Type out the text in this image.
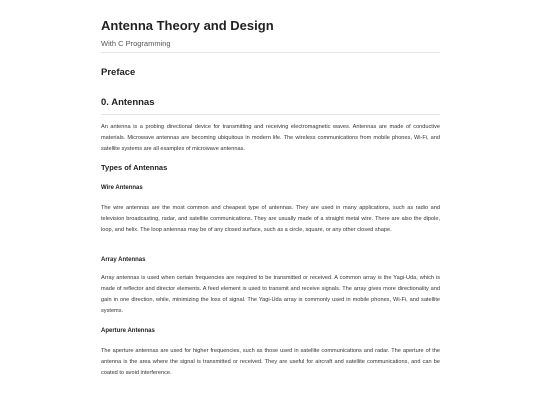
Antenna Theory and Design
With C Programming
Preface
0. Antennas

An antenna is a probing directional device for transmitting and receiving electromagnetic waves. Antennas are made of conductive materials. Microwave antennas are becoming ubiquitous in modern life. The wireless communications from mobile phones, Wi-Fi, and satellite systems are all examples of microwave antennas.

Types of Antennas
Wire Antennas

The wire antennas are the most common and cheapest type of antennas. They are used in many applications, such as radio and television broadcasting, radar, and satellite communications. They are usually made of a straight metal wire. There are also the dipole, loop, and helix. The loop antennas may be of any closed surface, such as a circle, square, or any other closed shape.

Array Antennas

Array antennas is used when certain frequencies are required to be transmitted or received. A common array is the Yagi-Uda, which is made of reflector and director elements. A feed element is used to transmit and receive signals. The array gives more directionality and gain in one direction, while, minimizing the loss of signal. The Yagi-Uda array is commonly used in mobile phones, Wi-Fi, and satellite systems.

Aperture Antennas

The aperture antennas are used for higher frequencies, such as those used in satellite communications and radar. The aperture of the antenna is the area where the signal is transmitted or received. They are useful for aircraft and satellite communications, and can be coated to avoid interference.
